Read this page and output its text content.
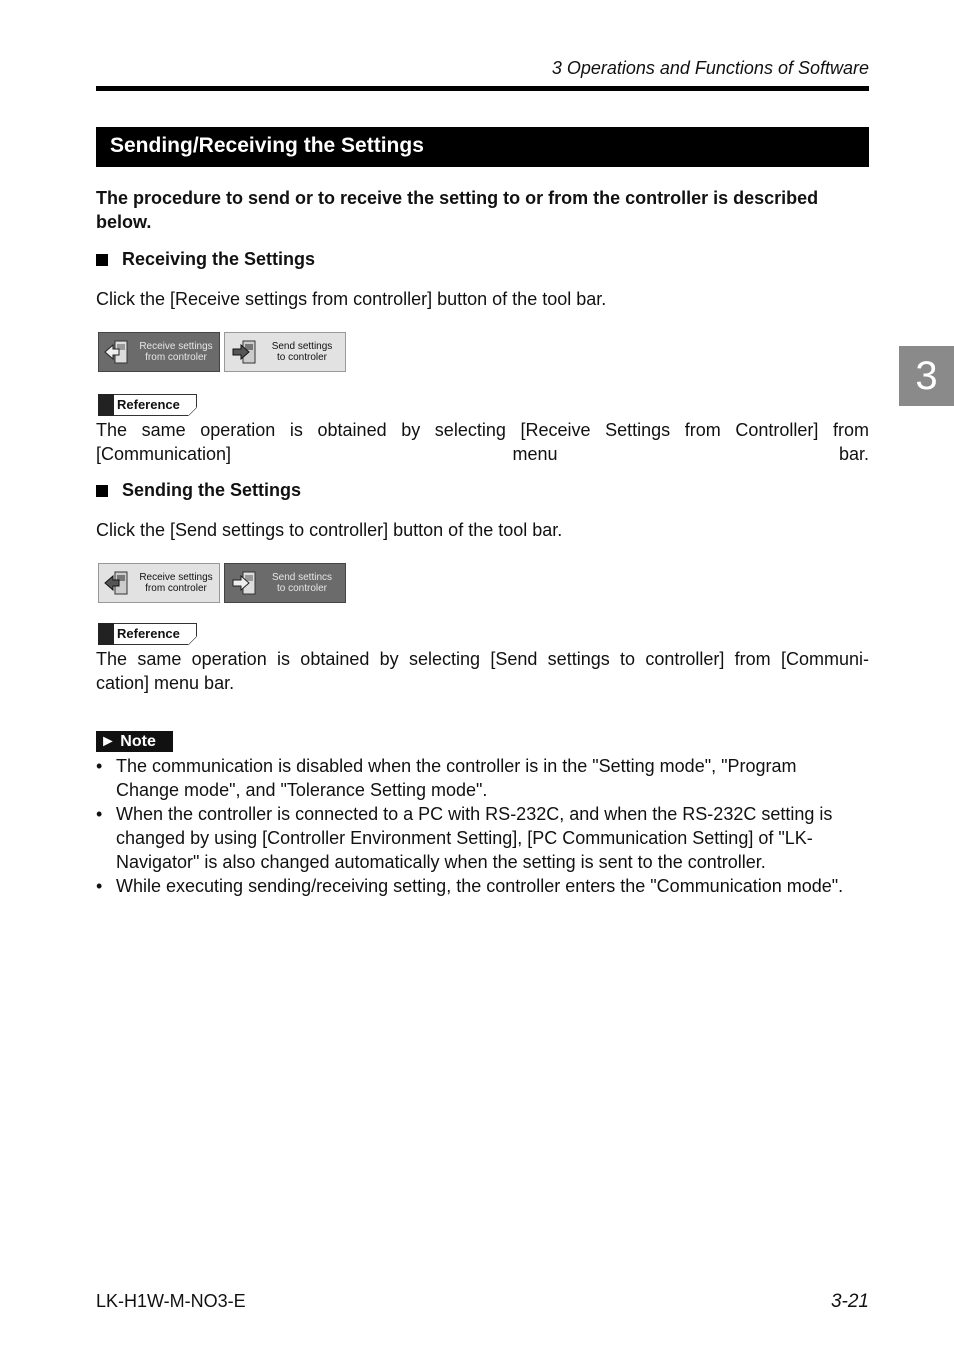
3 Operations and Functions of Software
Sending/Receiving the Settings
The procedure to send or to receive the setting to or from the controller is described below.
Receiving the Settings
Click the [Receive settings from controller] button of the tool bar.
Receive settings
from controler
Send settings
to controler
Reference
The same operation is obtained by selecting [Receive Settings from Controller] from [Communication] menu bar.
Sending the Settings
Click the [Send settings to controller] button of the tool bar.
Receive settings
from controler
Send settincs
to controler
Reference
The same operation is obtained by selecting [Send settings to controller] from [Communi-
cation] menu bar.
► Note
• The communication is disabled when the controller is in the "Setting mode", "Program Change mode", and "Tolerance Setting mode".
• When the controller is connected to a PC with RS-232C, and when the RS-232C setting is changed by using [Controller Environment Setting], [PC Communication Setting] of "LK-Navigator" is also changed automatically when the setting is sent to the controller.
• While executing sending/receiving setting, the controller enters the "Communication mode".
3
LK-H1W-M-NO3-E	3-21
